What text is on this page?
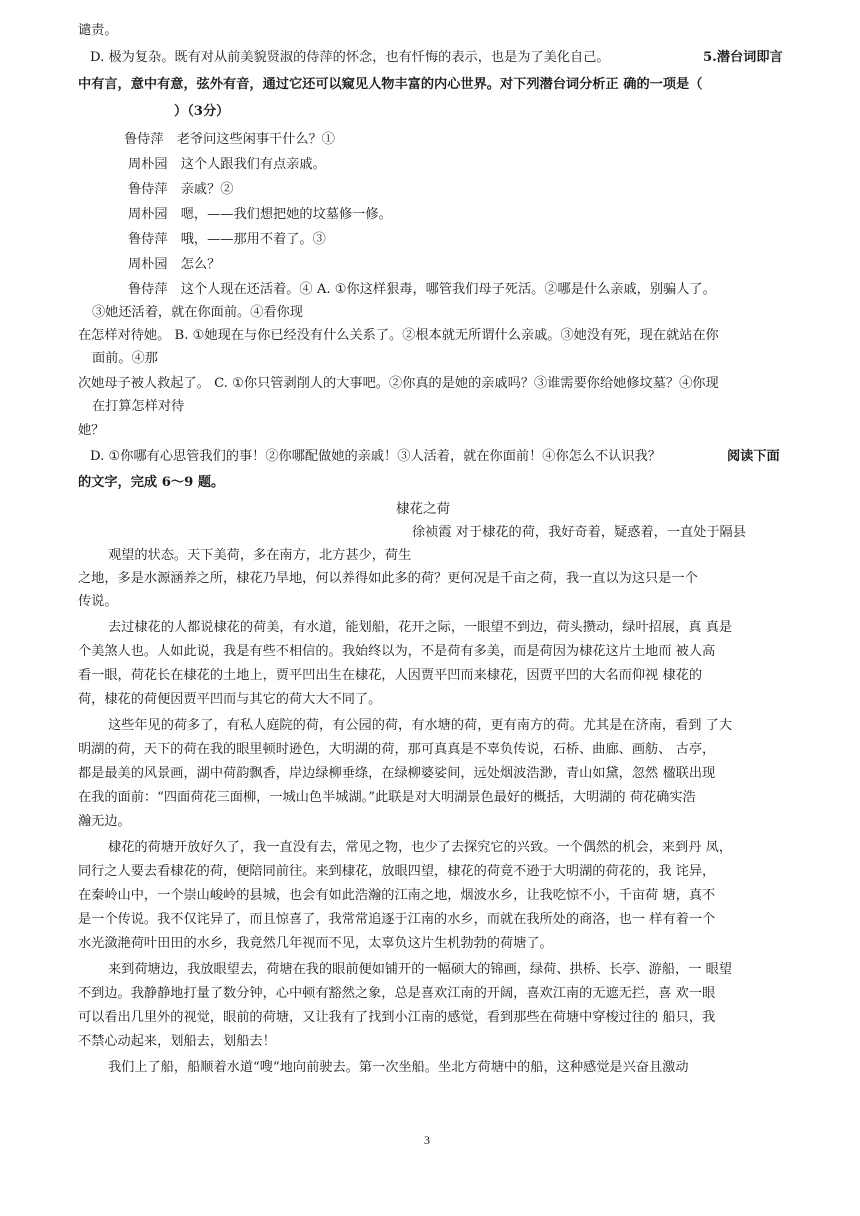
谴责。
D. 极为复杂。既有对从前美貌贤淑的侍萍的怀念，也有忏悔的表示，也是为了美化自己。	5.潜台词即言
中有言，意中有意，弦外有音，通过它还可以窥见人物丰富的内心世界。对下列潜台词分析正 确的一项是（
）（3分）
鲁侍萍　老爷问这些闲事干什么？①
周朴园　这个人跟我们有点亲戚。
鲁侍萍　亲戚？②
周朴园　嗯，——我们想把她的坟墓修一修。
鲁侍萍　哦，——那用不着了。③
周朴园　怎么？
鲁侍萍　这个人现在还活着。④ A. ①你这样狠毒，哪管我们母子死活。②哪是什么亲戚，别骗人了。
③她还活着，就在你面前。④看你现
在怎样对待她。 B. ①她现在与你已经没有什么关系了。②根本就无所谓什么亲戚。③她没有死，现在就站在你
面前。④那
次她母子被人救起了。 C. ①你只管剥削人的大事吧。②你真的是她的亲戚吗？③谁需要你给她修坟墓？④你现
在打算怎样对待
她？
D. ①你哪有心思管我们的事！②你哪配做她的亲戚！③人活着，就在你面前！④你怎么不认识我？	阅读下面
的文字，完成 6～9 题。
棣花之荷
徐祯霞 对于棣花的荷，我好奇着，疑惑着，一直处于隔县
观望的状态。天下美荷，多在南方，北方甚少，荷生
之地，多是水源涵养之所，棣花乃旱地，何以养得如此多的荷？更何况是千亩之荷，我一直以为这只是一个
传说。
去过棣花的人都说棣花的荷美，有水道，能划船，花开之际，一眼望不到边，荷头攒动，绿叶招展，真 真是
个美煞人也。人如此说，我是有些不相信的。我始终以为，不是荷有多美，而是荷因为棣花这片土地而 被人高
看一眼，荷花长在棣花的土地上，贾平凹出生在棣花，人因贾平凹而来棣花，因贾平凹的大名而仰视 棣花的
荷，棣花的荷便因贾平凹而与其它的荷大大不同了。
这些年见的荷多了，有私人庭院的荷，有公园的荷，有水塘的荷，更有南方的荷。尤其是在济南，看到 了大
明湖的荷，天下的荷在我的眼里顿时逊色，大明湖的荷，那可真真是不辜负传说，石桥、曲廊、画舫、 古亭，
都是最美的风景画，湖中荷韵飘香，岸边绿柳垂绦，在绿柳婆娑间，远处烟波浩渺，青山如黛，忽然 楹联出现
在我的面前：“四面荷花三面柳，一城山色半城湖。”此联是对大明湖景色最好的概括，大明湖的 荷花确实浩
瀚无边。
棣花的荷塘开放好久了，我一直没有去，常见之物，也少了去探究它的兴致。一个偶然的机会，来到丹 凤，
同行之人要去看棣花的荷，便陪同前往。来到棣花，放眼四望，棣花的荷竟不逊于大明湖的荷花的，我 诧异，
在秦岭山中，一个崇山峻岭的县城，也会有如此浩瀚的江南之地，烟波水乡，让我吃惊不小，千亩荷 塘，真不
是一个传说。我不仅诧异了，而且惊喜了，我常常追逐于江南的水乡，而就在我所处的商洛，也一 样有着一个
水光潋滟荷叶田田的水乡，我竟然几年视而不见，太辜负这片生机勃勃的荷塘了。
来到荷塘边，我放眼望去，荷塘在我的眼前便如铺开的一幅硕大的锦画，绿荷、拱桥、长亭、游船，一 眼望
不到边。我静静地打量了数分钟，心中顿有豁然之象，总是喜欢江南的开阔，喜欢江南的无遮无拦，喜 欢一眼
可以看出几里外的视觉，眼前的荷塘，又让我有了找到小江南的感觉，看到那些在荷塘中穿梭过往的 船只，我
不禁心动起来，划船去，划船去！
我们上了船，船顺着水道“嗖”地向前驶去。第一次坐船。坐北方荷塘中的船，这种感觉是兴奋且激动
3
